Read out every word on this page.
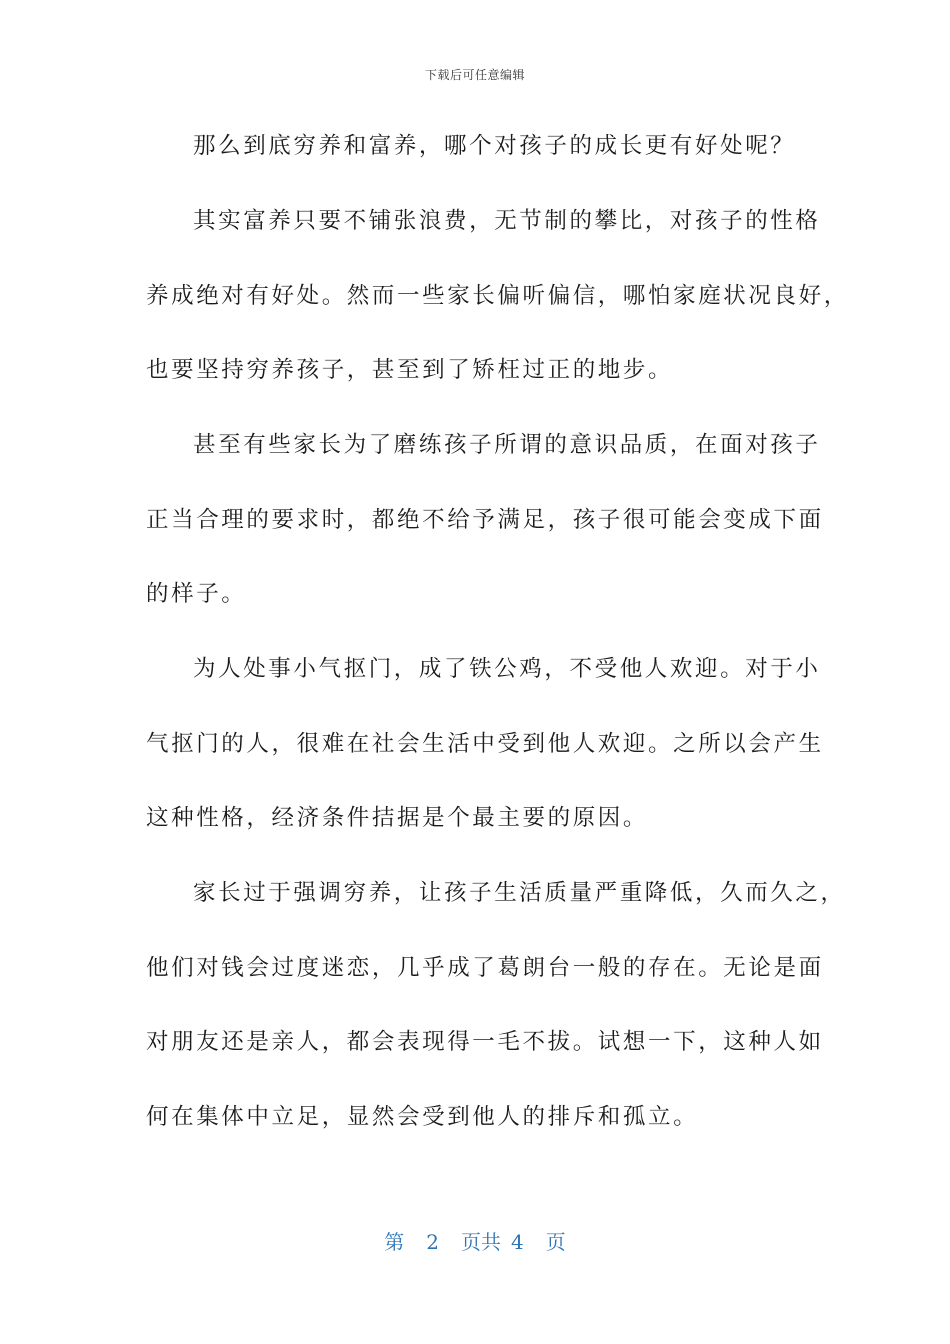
下载后可任意编辑
那么到底穷养和富养，哪个对孩子的成长更有好处呢？
其实富养只要不铺张浪费，无节制的攀比，对孩子的性格
养成绝对有好处。然而一些家长偏听偏信，哪怕家庭状况良好，
也要坚持穷养孩子，甚至到了矫枉过正的地步。
甚至有些家长为了磨练孩子所谓的意识品质，在面对孩子
正当合理的要求时，都绝不给予满足，孩子很可能会变成下面
的样子。
为人处事小气抠门，成了铁公鸡，不受他人欢迎。对于小
气抠门的人，很难在社会生活中受到他人欢迎。之所以会产生
这种性格，经济条件拮据是个最主要的原因。
家长过于强调穷养，让孩子生活质量严重降低，久而久之，
他们对钱会过度迷恋，几乎成了葛朗台一般的存在。无论是面
对朋友还是亲人，都会表现得一毛不拔。试想一下，这种人如
何在集体中立足，显然会受到他人的排斥和孤立。
第 2 页共 4 页
